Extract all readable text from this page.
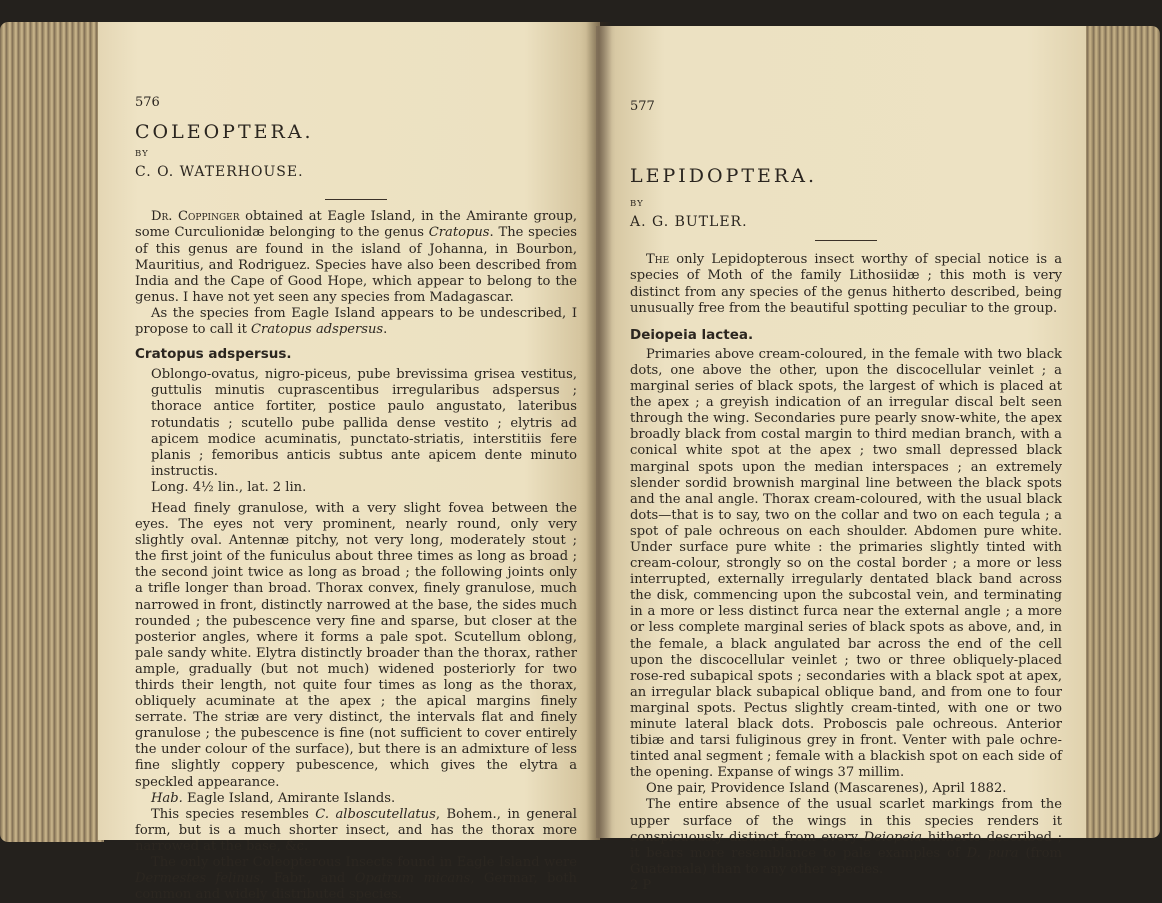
576

COLEOPTERA.

BY

C. O. WATERHOUSE.

Dr. Coppinger obtained at Eagle Island, in the Amirante group, some Curculionidæ belonging to the genus Cratopus. The species of this genus are found in the island of Johanna, in Bourbon, Mauritius, and Rodriguez. Species have also been described from India and the Cape of Good Hope, which appear to belong to the genus. I have not yet seen any species from Madagascar.

As the species from Eagle Island appears to be undescribed, I propose to call it Cratopus adspersus.

Cratopus adspersus.

Oblongo-ovatus, nigro-piceus, pube brevissima grisea vestitus, guttulis minutis cuprascentibus irregularibus adspersus ; thorace antice fortiter, postice paulo angustato, lateribus rotundatis ; scutello pube pallida dense vestito ; elytris ad apicem modice acuminatis, punctato-striatis, interstitiis fere planis ; femoribus anticis subtus ante apicem dente minuto instructis.

Long. 4½ lin., lat. 2 lin.

Head finely granulose, with a very slight fovea between the eyes. The eyes not very prominent, nearly round, only very slightly oval. Antennæ pitchy, not very long, moderately stout ; the first joint of the funiculus about three times as long as broad ; the second joint twice as long as broad ; the following joints only a trifle longer than broad. Thorax convex, finely granulose, much narrowed in front, distinctly narrowed at the base, the sides much rounded ; the pubescence very fine and sparse, but closer at the posterior angles, where it forms a pale spot. Scutellum oblong, pale sandy white. Elytra distinctly broader than the thorax, rather ample, gradually (but not much) widened posteriorly for two thirds their length, not quite four times as long as the thorax, obliquely acuminate at the apex ; the apical margins finely serrate. The striæ are very distinct, the intervals flat and finely granulose ; the pubescence is fine (not sufficient to cover entirely the under colour of the surface), but there is an admixture of less fine slightly coppery pubescence, which gives the elytra a speckled appearance.

Hab. Eagle Island, Amirante Islands.

This species resembles C. alboscutellatus, Bohem., in general form, but is a much shorter insect, and has the thorax more narrowed at the base, &c.

The only other Coleopterous Insects found in Eagle Island were Dermestes felinus, Fabr., and Opatrum micans, Germar, both common and widely distributed species.

577

LEPIDOPTERA.

BY

A. G. BUTLER.

The only Lepidopterous insect worthy of special notice is a species of Moth of the family Lithosiidæ ; this moth is very distinct from any species of the genus hitherto described, being unusually free from the beautiful spotting peculiar to the group.

Deiopeia lactea.

Primaries above cream-coloured, in the female with two black dots, one above the other, upon the discocellular veinlet ; a marginal series of black spots, the largest of which is placed at the apex ; a greyish indication of an irregular discal belt seen through the wing. Secondaries pure pearly snow-white, the apex broadly black from costal margin to third median branch, with a conical white spot at the apex ; two small depressed black marginal spots upon the median interspaces ; an extremely slender sordid brownish marginal line between the black spots and the anal angle. Thorax cream-coloured, with the usual black dots—that is to say, two on the collar and two on each tegula ; a spot of pale ochreous on each shoulder. Abdomen pure white. Under surface pure white : the primaries slightly tinted with cream-colour, strongly so on the costal border ; a more or less interrupted, externally irregularly dentated black band across the disk, commencing upon the subcostal vein, and terminating in a more or less distinct furca near the external angle ; a more or less complete marginal series of black spots as above, and, in the female, a black angulated bar across the end of the cell upon the discocellular veinlet ; two or three obliquely-placed rose-red subapical spots ; secondaries with a black spot at apex, an irregular black subapical oblique band, and from one to four marginal spots. Pectus slightly cream-tinted, with one or two minute lateral black dots. Proboscis pale ochreous. Anterior tibiæ and tarsi fuliginous grey in front. Venter with pale ochre-tinted anal segment ; female with a blackish spot on each side of the opening. Expanse of wings 37 millim.

One pair, Providence Island (Mascarenes), April 1882.

The entire absence of the usual scarlet markings from the upper surface of the wings in this species renders it conspicuously distinct from every Deiopeia hitherto described ; it bears more resemblance to pale examples of D. pura (from Guatemala) than to any other species.

2 P
